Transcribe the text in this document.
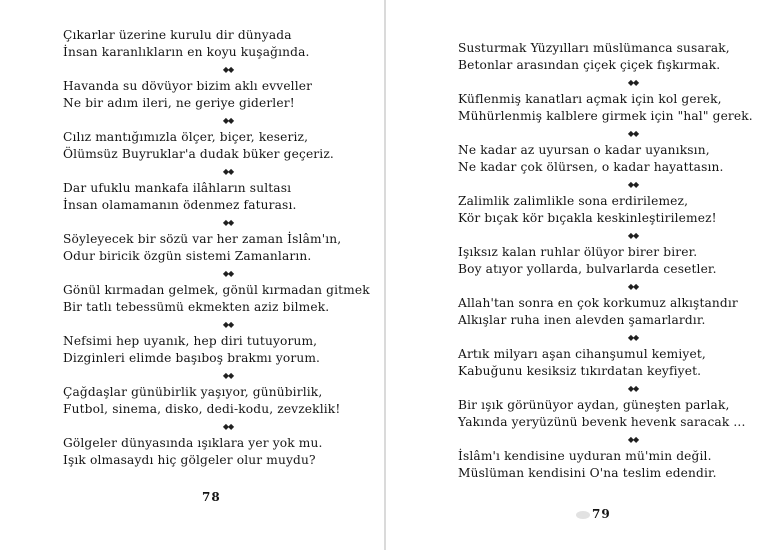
Çıkarlar üzerine kurulu dir dünyada
İnsan karanlıkların en koyu kuşağında.
◆◆
Havanda su dövüyor bizim aklı evveller
Ne bir adım ileri, ne geriye giderler!
◆◆
Cılız mantığımızla ölçer, biçer, keseriz,
Ölümsüz Buyruklar'a dudak büker geçeriz.
◆◆
Dar ufuklu mankafa ilâhların sultası
İnsan olamamanın ödenmez faturası.
◆◆
Söyleyecek bir sözü var her zaman İslâm'ın,
Odur biricik özgün sistemi Zamanların.
◆◆
Gönül kırmadan gelmek, gönül kırmadan gitmek
Bir tatlı tebessümü ekmekten aziz bilmek.
◆◆
Nefsimi hep uyanık, hep diri tutuyorum,
Dizginleri elimde başıboş brakmı yorum.
◆◆
Çağdaşlar günübirlik yaşıyor, günübirlik,
Futbol, sinema, disko, dedi-kodu, zevzeklik!
◆◆
Gölgeler dünyasında ışıklara yer yok mu.
Işık olmasaydı hiç gölgeler olur muydu?
78
Susturmak Yüzyılları müslümanca susarak,
Betonlar arasından çiçek çiçek fışkırmak.
◆◆
Küflenmiş kanatları açmak için kol gerek,
Mühürlenmiş kalblere girmek için "hal" gerek.
◆◆
Ne kadar az uyursan o kadar uyanıksın,
Ne kadar çok ölürsen, o kadar hayattasın.
◆◆
Zalimlik zalimlikle sona erdirilemez,
Kör bıçak kör bıçakla keskinleştirilemez!
◆◆
Işıksız kalan ruhlar ölüyor birer birer.
Boy atıyor yollarda, bulvarlarda cesetler.
◆◆
Allah'tan sonra en çok korkumuz alkıştandır
Alkışlar ruha inen alevden şamarlardır.
◆◆
Artık milyarı aşan cihanşumul kemiyet,
Kabuğunu kesiksiz tıkırdatan keyfiyet.
◆◆
Bir ışık görünüyor aydan, güneşten parlak,
Yakında yeryüzünü bevenk hevenk saracak ...
◆◆
İslâm'ı kendisine uyduran mü'min değil.
Müslüman kendisini O'na teslim edendir.
79
